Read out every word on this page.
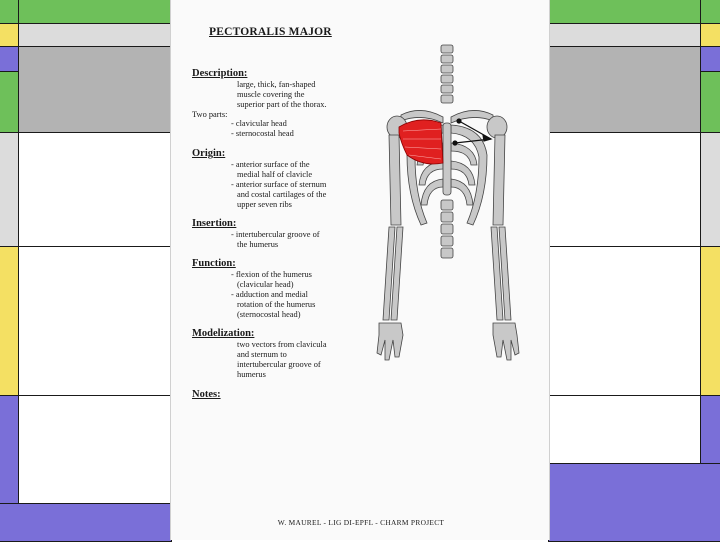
PECTORALIS MAJOR
Description:
large, thick, fan-shaped
muscle covering the
superior part of the thorax.
Two parts:
- clavicular head
- sternocostal head
Origin:
- anterior surface of the
medial half of clavicle
- anterior surface of sternum
and costal cartilages of the
upper seven ribs
Insertion:
- intertubercular groove of
the humerus
Function:
- flexion of the humerus
(clavicular head)
- adduction and medial
rotation of the humerus
(sternocostal head)
Modelization:
two vectors from clavicula
and sternum to
intertubercular groove of
humerus
Notes:
W. MAUREL - LIG DI-EPFL - CHARM PROJECT
